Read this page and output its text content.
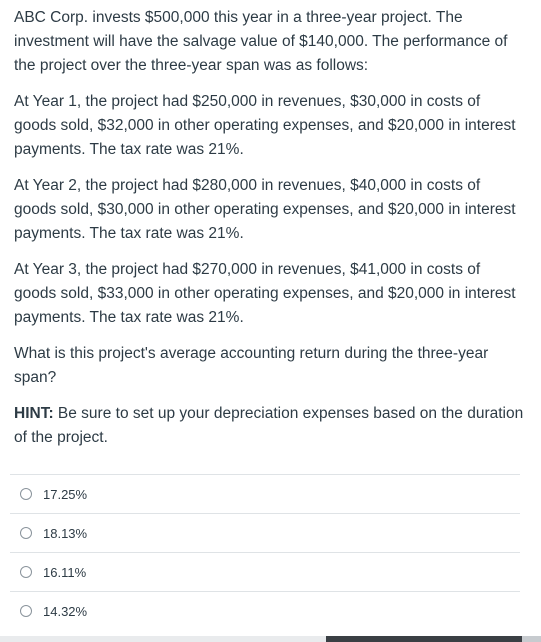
ABC Corp. invests $500,000 this year in a three-year project. The investment will have the salvage value of $140,000. The performance of the project over the three-year span was as follows:

At Year 1, the project had $250,000 in revenues, $30,000 in costs of goods sold, $32,000 in other operating expenses, and $20,000 in interest payments. The tax rate was 21%.

At Year 2, the project had $280,000 in revenues, $40,000 in costs of goods sold, $30,000 in other operating expenses, and $20,000 in interest payments. The tax rate was 21%.

At Year 3, the project had $270,000 in revenues, $41,000 in costs of goods sold, $33,000 in other operating expenses, and $20,000 in interest payments. The tax rate was 21%.

What is this project's average accounting return during the three-year span?

HINT: Be sure to set up your depreciation expenses based on the duration of the project.

17.25%
18.13%
16.11%
14.32%
